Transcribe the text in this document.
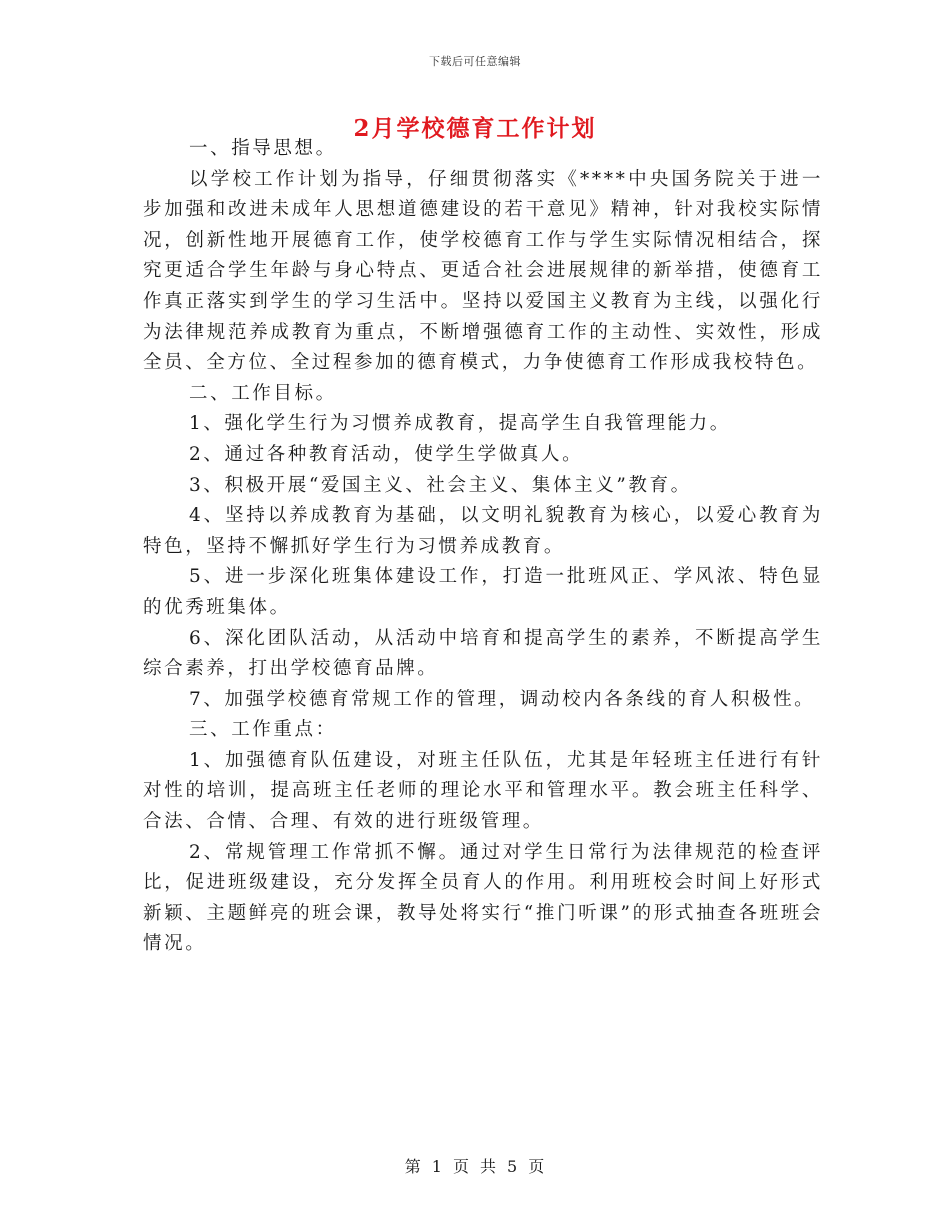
下载后可任意编辑
2月学校德育工作计划

一、指导思想。

以学校工作计划为指导，仔细贯彻落实《****中央国务院关于进一步加强和改进未成年人思想道德建设的若干意见》精神，针对我校实际情况，创新性地开展德育工作，使学校德育工作与学生实际情况相结合，探究更适合学生年龄与身心特点、更适合社会进展规律的新举措，使德育工作真正落实到学生的学习生活中。坚持以爱国主义教育为主线，以强化行为法律规范养成教育为重点，不断增强德育工作的主动性、实效性，形成全员、全方位、全过程参加的德育模式，力争使德育工作形成我校特色。

二、工作目标。

1、强化学生行为习惯养成教育，提高学生自我管理能力。

2、通过各种教育活动，使学生学做真人。

3、积极开展“爱国主义、社会主义、集体主义”教育。

4、坚持以养成教育为基础，以文明礼貌教育为核心，以爱心教育为特色，坚持不懈抓好学生行为习惯养成教育。

5、进一步深化班集体建设工作，打造一批班风正、学风浓、特色显的优秀班集体。

6、深化团队活动，从活动中培育和提高学生的素养，不断提高学生综合素养，打出学校德育品牌。

7、加强学校德育常规工作的管理，调动校内各条线的育人积极性。

三、工作重点：

1、加强德育队伍建设，对班主任队伍，尤其是年轻班主任进行有针对性的培训，提高班主任老师的理论水平和管理水平。教会班主任科学、合法、合情、合理、有效的进行班级管理。

2、常规管理工作常抓不懈。通过对学生日常行为法律规范的检查评比，促进班级建设，充分发挥全员育人的作用。利用班校会时间上好形式新颖、主题鲜亮的班会课，教导处将实行“推门听课”的形式抽查各班班会情况。

第 1 页 共 5 页
